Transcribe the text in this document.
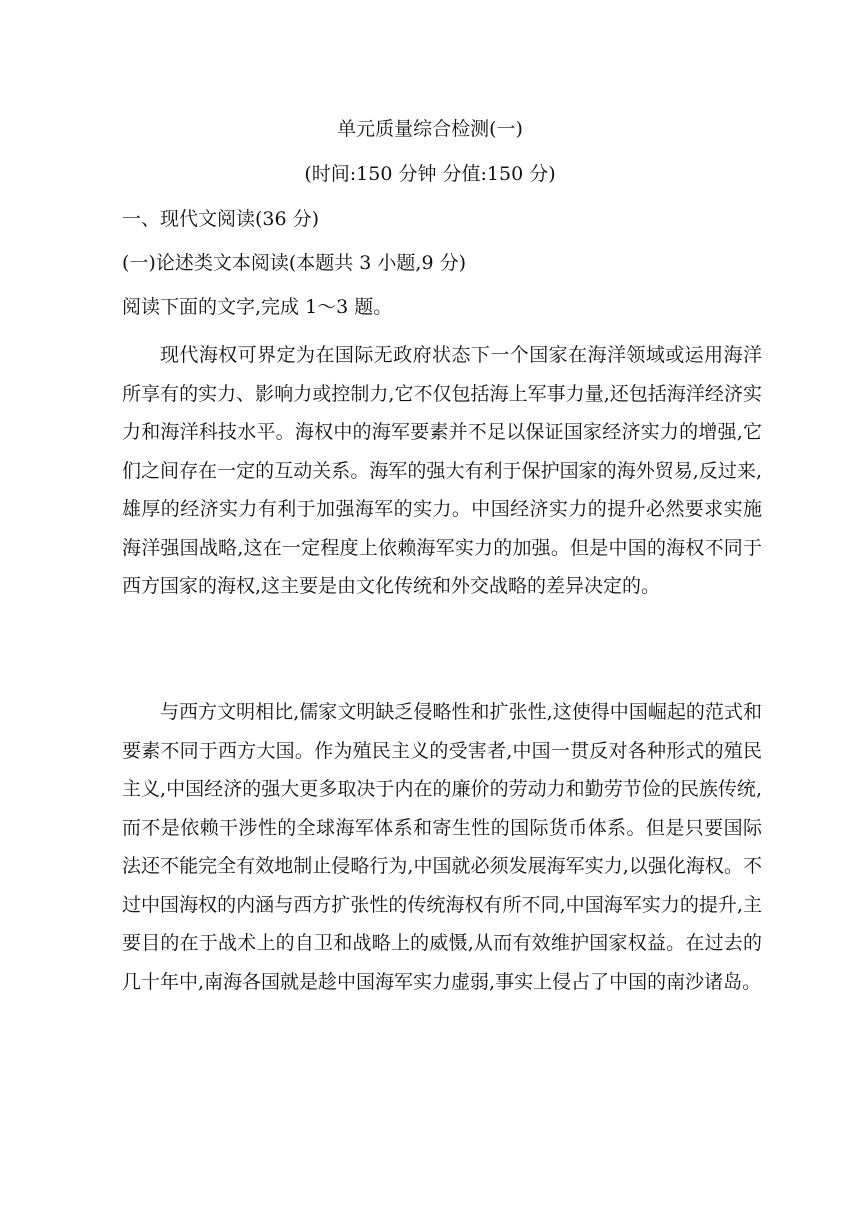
单元质量综合检测(一)
(时间:150 分钟 分值:150 分)
一、现代文阅读(36 分)
(一)论述类文本阅读(本题共 3 小题,9 分)
阅读下面的文字,完成 1～3 题。
现代海权可界定为在国际无政府状态下一个国家在海洋领域或运用海洋所享有的实力、影响力或控制力,它不仅包括海上军事力量,还包括海洋经济实力和海洋科技水平。海权中的海军要素并不足以保证国家经济实力的增强,它们之间存在一定的互动关系。海军的强大有利于保护国家的海外贸易,反过来,雄厚的经济实力有利于加强海军的实力。中国经济实力的提升必然要求实施海洋强国战略,这在一定程度上依赖海军实力的加强。但是中国的海权不同于西方国家的海权,这主要是由文化传统和外交战略的差异决定的。
与西方文明相比,儒家文明缺乏侵略性和扩张性,这使得中国崛起的范式和要素不同于西方大国。作为殖民主义的受害者,中国一贯反对各种形式的殖民主义,中国经济的强大更多取决于内在的廉价的劳动力和勤劳节俭的民族传统,而不是依赖干涉性的全球海军体系和寄生性的国际货币体系。但是只要国际法还不能完全有效地制止侵略行为,中国就必须发展海军实力,以强化海权。不过中国海权的内涵与西方扩张性的传统海权有所不同,中国海军实力的提升,主要目的在于战术上的自卫和战略上的威慑,从而有效维护国家权益。在过去的几十年中,南海各国就是趁中国海军实力虚弱,事实上侵占了中国的南沙诸岛。
